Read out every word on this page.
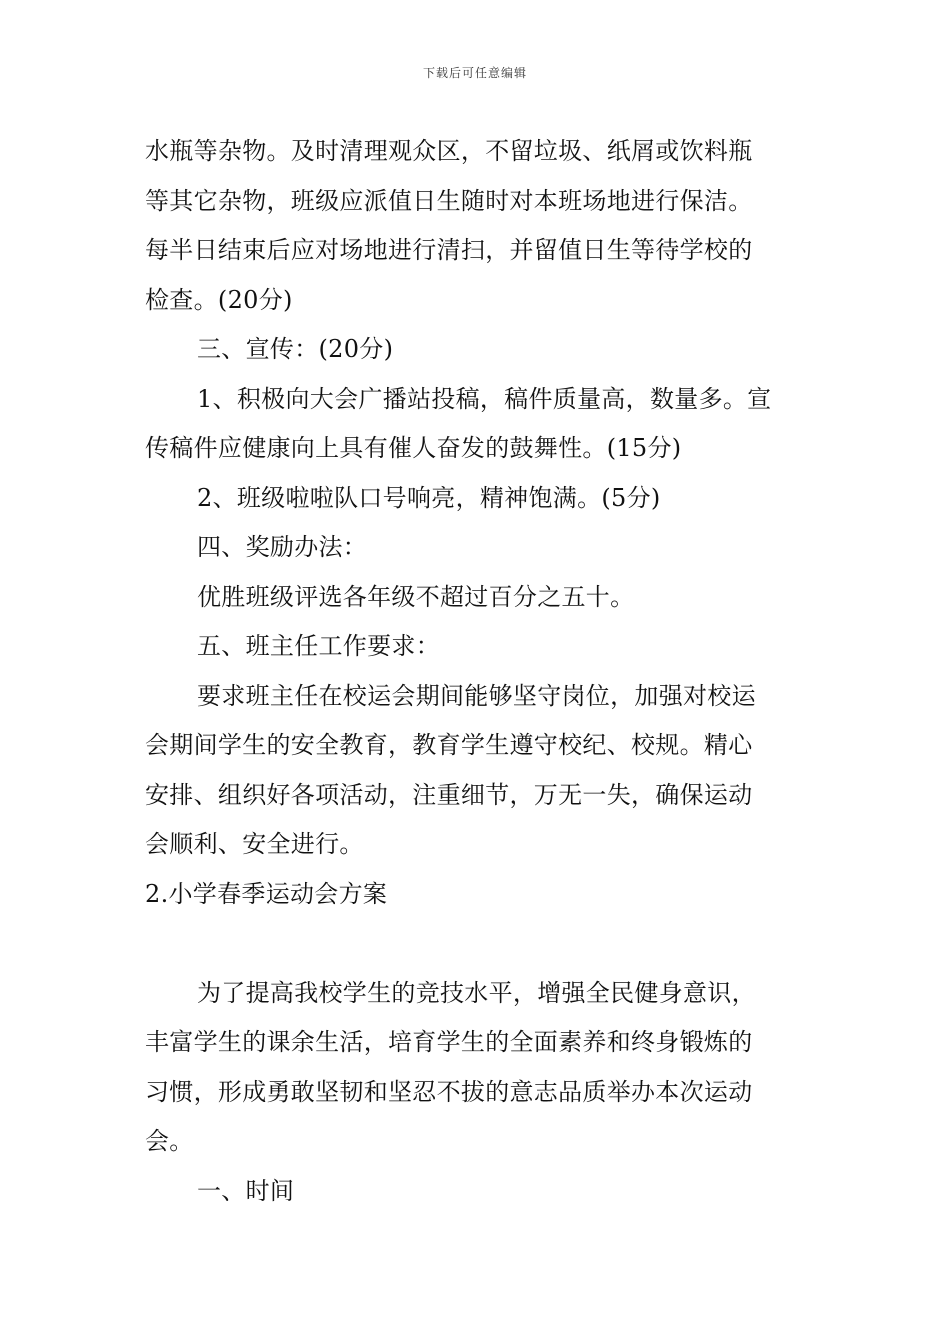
下载后可任意编辑
水瓶等杂物。及时清理观众区，不留垃圾、纸屑或饮料瓶
等其它杂物，班级应派值日生随时对本班场地进行保洁。
每半日结束后应对场地进行清扫，并留值日生等待学校的
检查。(20分)
三、宣传：(20分)
1、积极向大会广播站投稿，稿件质量高，数量多。宣
传稿件应健康向上具有催人奋发的鼓舞性。(15分)
2、班级啦啦队口号响亮，精神饱满。(5分)
四、奖励办法：
优胜班级评选各年级不超过百分之五十。
五、班主任工作要求：
要求班主任在校运会期间能够坚守岗位，加强对校运
会期间学生的安全教育，教育学生遵守校纪、校规。精心
安排、组织好各项活动，注重细节，万无一失，确保运动
会顺利、安全进行。
2.小学春季运动会方案
为了提高我校学生的竞技水平，增强全民健身意识，
丰富学生的课余生活，培育学生的全面素养和终身锻炼的
习惯，形成勇敢坚韧和坚忍不拔的意志品质举办本次运动
会。
一、时间
